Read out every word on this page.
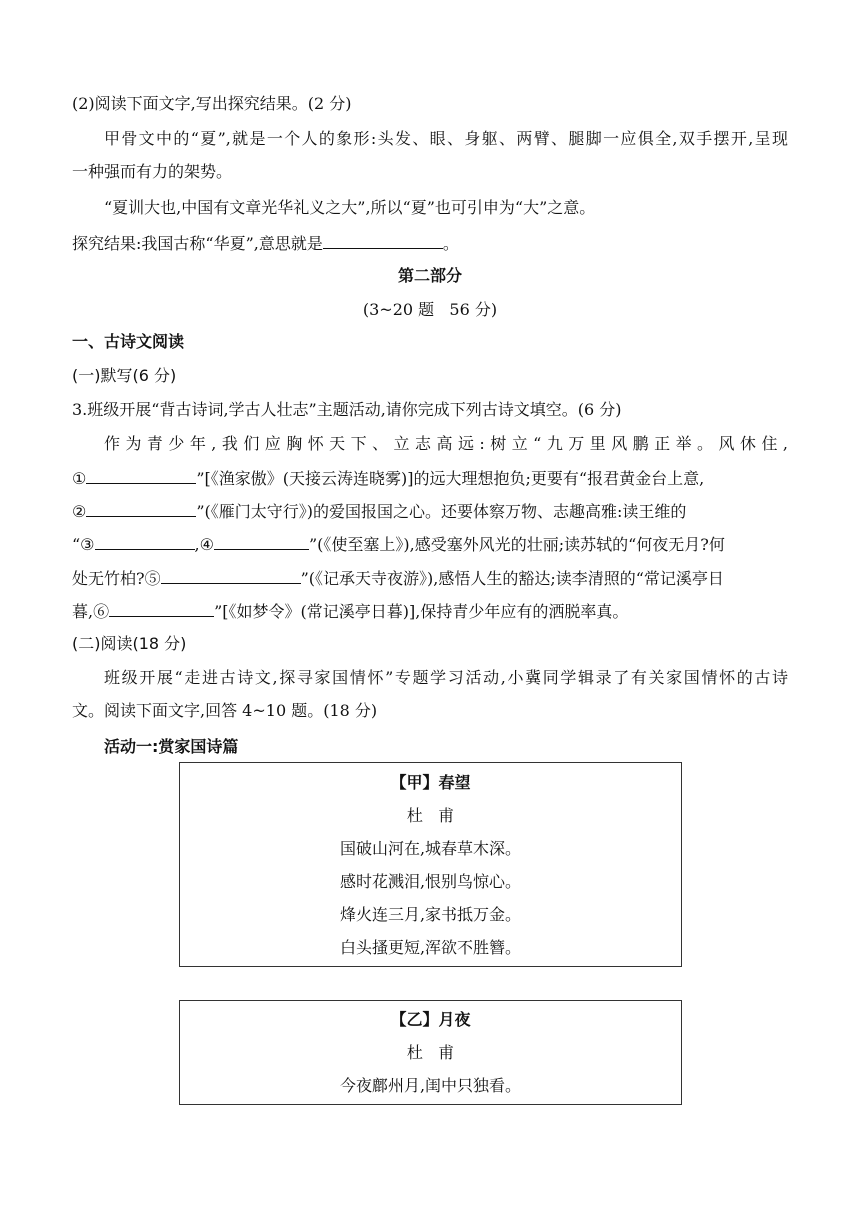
(2)阅读下面文字,写出探究结果。(2 分)
甲骨文中的“夏”,就是一个人的象形:头发、眼、身躯、两臂、腿脚一应俱全,双手摆开,呈现
一种强而有力的架势。
“夏训大也,中国有文章光华礼义之大”,所以“夏”也可引申为“大”之意。
探究结果:我国古称“华夏”,意思就是	。
第二部分
(3~20 题   56 分)
一、古诗文阅读
(一)默写(6 分)
3.班级开展“背古诗词,学古人壮志”主题活动,请你完成下列古诗文填空。(6 分)
作为青少年,我们应胸怀天下、立志高远:树立“九万里风鹏正举。风休住,
①	”[《渔家傲》(天接云涛连晓雾)]的远大理想抱负;更要有“报君黄金台上意,
②	”(《雁门太守行》)的爱国报国之心。还要体察万物、志趣高雅:读王维的
“③	,④	”(《使至塞上》),感受塞外风光的壮丽;读苏轼的“何夜无月?何
处无竹柏?⑤	”(《记承天寺夜游》),感悟人生的豁达;读李清照的“常记溪亭日
暮,⑥	”[《如梦令》(常记溪亭日暮)],保持青少年应有的洒脱率真。
(二)阅读(18 分)
班级开展“走进古诗文,探寻家国情怀”专题学习活动,小冀同学辑录了有关家国情怀的古诗
文。阅读下面文字,回答 4~10 题。(18 分)
活动一:赏家国诗篇
【甲】春望
杜   甫
国破山河在,城春草木深。
感时花溅泪,恨别鸟惊心。
烽火连三月,家书抵万金。
白头搔更短,浑欲不胜簪。
【乙】月夜
杜   甫
今夜鄜州月,闺中只独看。
